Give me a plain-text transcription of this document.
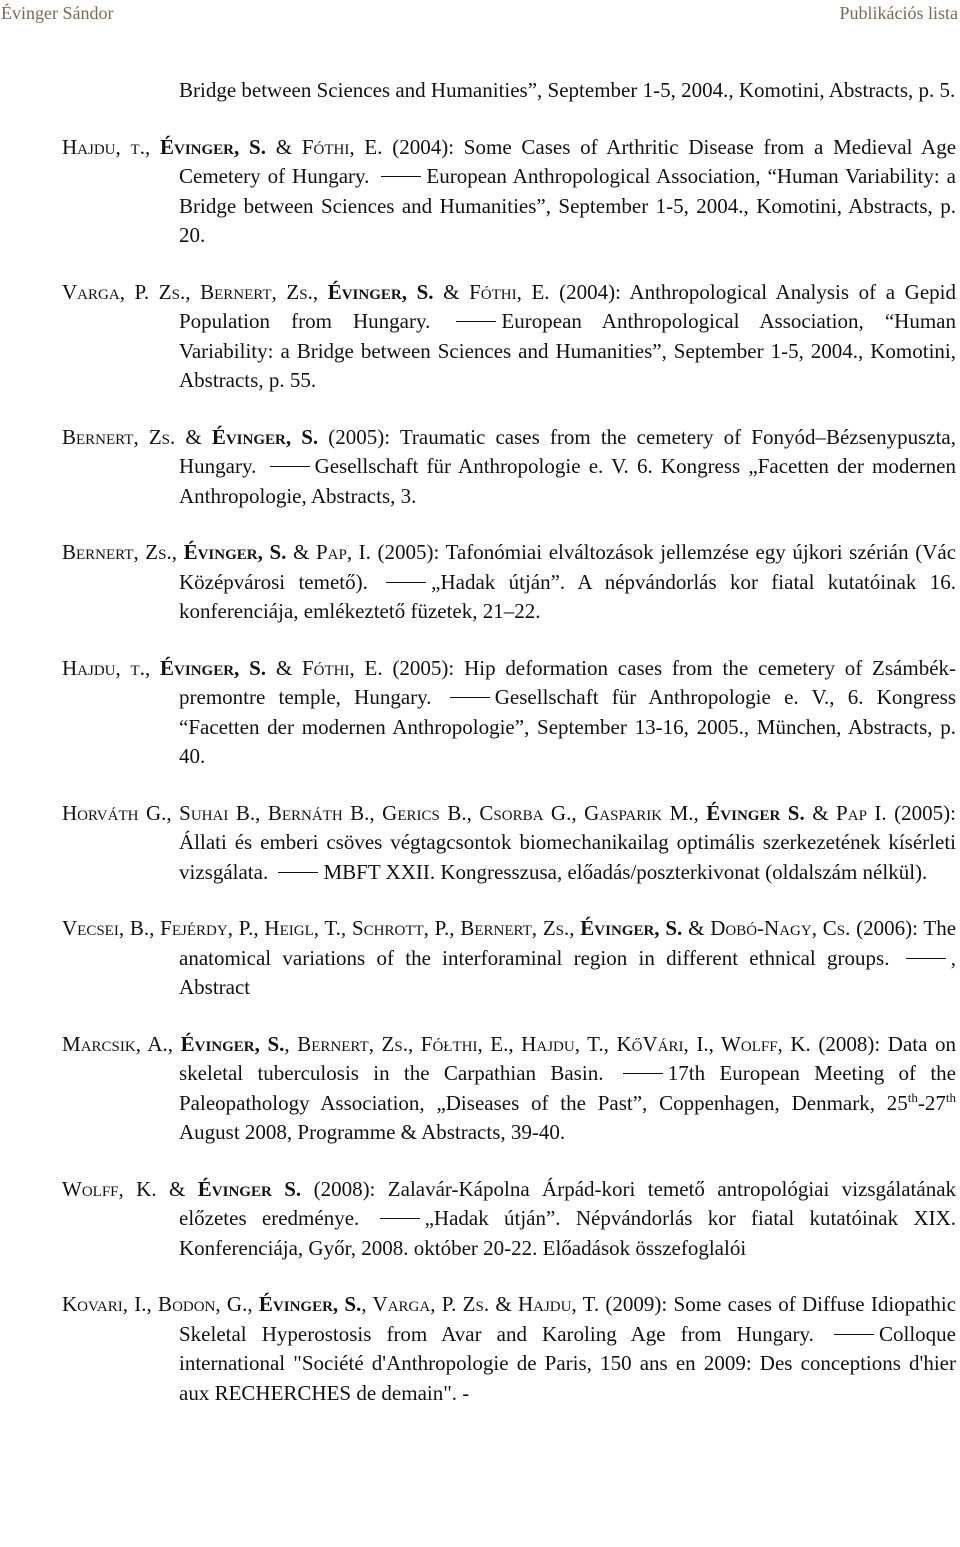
Évinger Sándor	Publikációs lista
Bridge between Sciences and Humanities”, September 1-5, 2004., Komotini, Abstracts, p. 5.
Hajdu, t., Évinger, S. & Fóthi, E. (2004): Some Cases of Arthritic Disease from a Medieval Age Cemetery of Hungary.	European Anthropological Association, “Human Variability: a Bridge between Sciences and Humanities”, September 1-5, 2004., Komotini, Abstracts, p. 20.
Varga, P. Zs., Bernert, Zs., Évinger, S. & Fóthi, E. (2004): Anthropological Analysis of a Gepid Population from Hungary.	European Anthropological Association, “Human Variability: a Bridge between Sciences and Humanities”, September 1-5, 2004., Komotini, Abstracts, p. 55.
Bernert, Zs. & Évinger, S. (2005): Traumatic cases from the cemetery of Fonyód–Bézsenypuszta, Hungary.	Gesellschaft für Anthropologie e. V. 6. Kongress „Facetten der modernen Anthropologie, Abstracts, 3.
Bernert, Zs., Évinger, S. & Pap, I. (2005): Tafonómiai elváltozások jellemzése egy újkori szérián (Vác Középvárosi temető).	„Hadak útján”. A népvándorlás kor fiatal kutatóinak 16. konferenciája, emlékeztető füzetek, 21–22.
Hajdu, t., Évinger, S. & Fóthi, E. (2005): Hip deformation cases from the cemetery of Zsámbék-premontre temple, Hungary.	Gesellschaft für Anthropologie e. V., 6. Kongress “Facetten der modernen Anthropologie”, September 13-16, 2005., München, Abstracts, p. 40.
Horváth G., Suhai B., Bernáth B., Gerics B., Csorba G., Gasparik M., Évinger S. & Pap I. (2005): Állati és emberi csöves végtagcsontok biomechanikailag optimális szerkezetének kísérleti vizsgálata.	MBFT XXII. Kongresszusa, előadás/poszterkivonat (oldalszám nélkül).
Vecsei, B., Fejérdy, P., Heigl, T., Schrott, P., Bernert, Zs., Évinger, S. & Dobó-Nagy, Cs. (2006): The anatomical variations of the interforaminal region in different ethnical groups.	, Abstract
Marcsik, A., Évinger, S., Bernert, Zs., Fółthi, E., Hajdu, T., KőVári, I., Wolff, K. (2008): Data on skeletal tuberculosis in the Carpathian Basin.	17th European Meeting of the Paleopathology Association, „Diseases of the Past”, Coppenhagen, Denmark, 25th-27th August 2008, Programme & Abstracts, 39-40.
Wolff, K. & Évinger S. (2008): Zalavár-Kápolna Árpád-kori temető antropológiai vizsgálatának előzetes eredménye.	„Hadak útján”. Népvándorlás kor fiatal kutatóinak XIX. Konferenciája, Győr, 2008. október 20-22. Előadások összefoglalói
Kovari, I., Bodon, G., Évinger, S., Varga, P. Zs. & Hajdu, T. (2009): Some cases of Diffuse Idiopathic Skeletal Hyperostosis from Avar and Karoling Age from Hungary.	Colloque international "Société d'Anthropologie de Paris, 150 ans en 2009: Des conceptions d'hier aux RECHERCHES de demain". -
